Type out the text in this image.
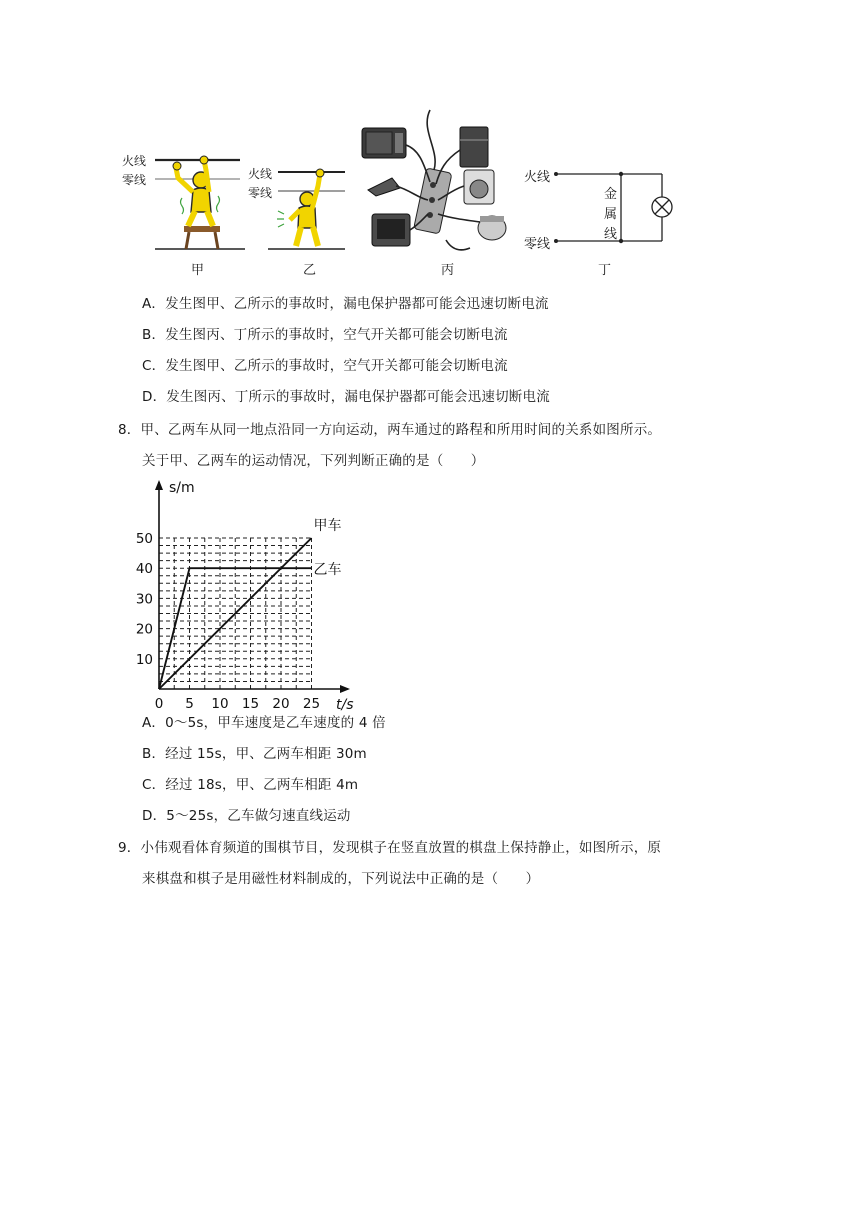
火线
零线	火线
零线
火线
零线
金
属
线
甲	乙	丙	丁
A．发生图甲、乙所示的事故时，漏电保护器都可能会迅速切断电流
B．发生图丙、丁所示的事故时，空气开关都可能会切断电流
C．发生图甲、乙所示的事故时，空气开关都可能会切断电流
D．发生图丙、丁所示的事故时，漏电保护器都可能会迅速切断电流
8．甲、乙两车从同一地点沿同一方向运动，两车通过的路程和所用时间的关系如图所示。
关于甲、乙两车的运动情况，下列判断正确的是（　　）
s/m
t/s
0 5 10 15 20 25
10
20
30
40
50
甲车
乙车
A．0～5s，甲车速度是乙车速度的 4 倍
B．经过 15s，甲、乙两车相距 30m
C．经过 18s，甲、乙两车相距 4m
D．5～25s，乙车做匀速直线运动
9．小伟观看体育频道的围棋节目，发现棋子在竖直放置的棋盘上保持静止，如图所示，原
来棋盘和棋子是用磁性材料制成的，下列说法中正确的是（　　）
